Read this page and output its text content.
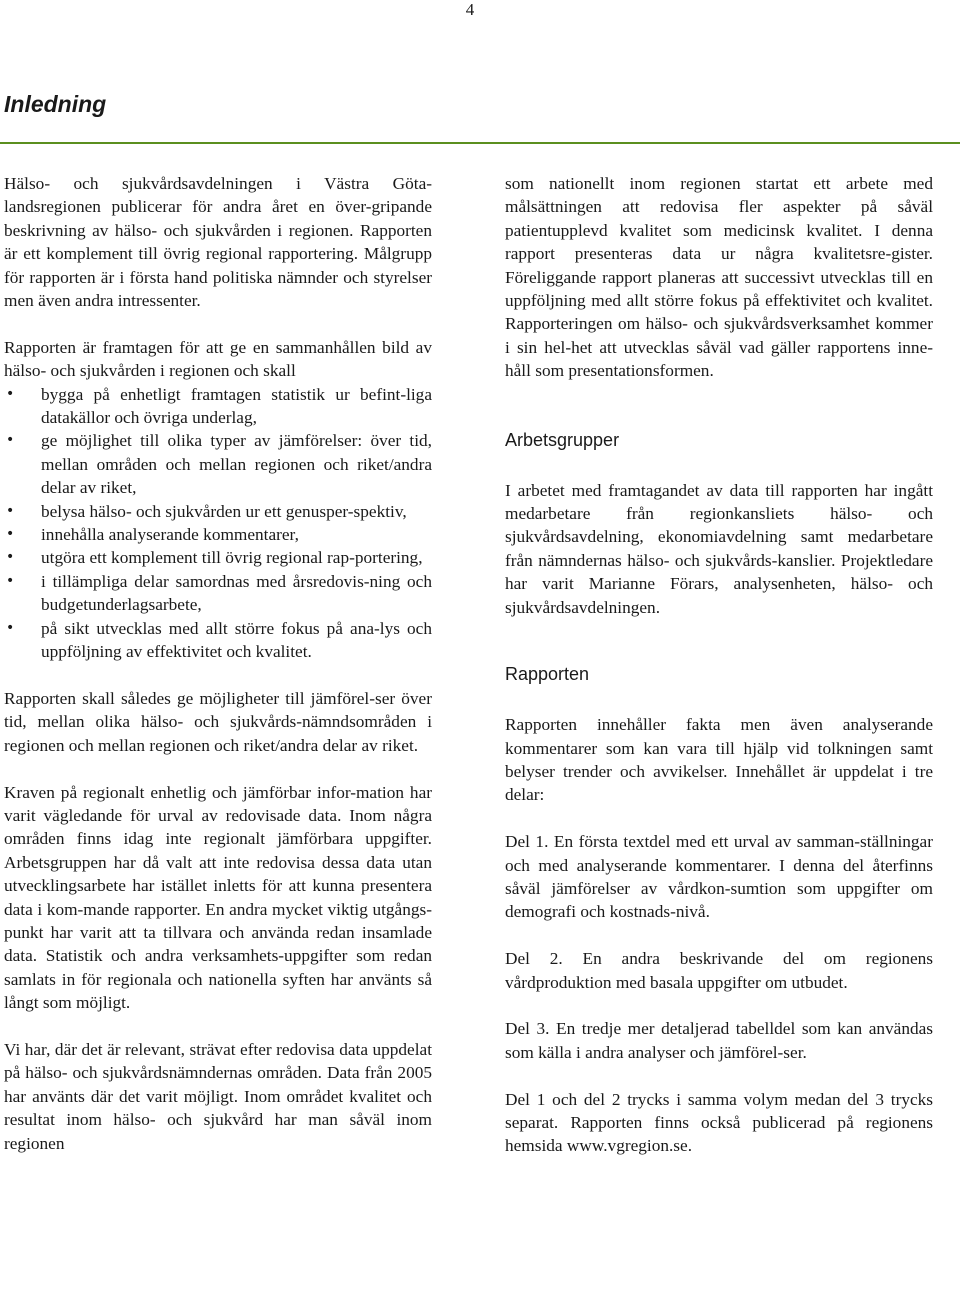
4
Inledning

Hälso- och sjukvårdsavdelningen i Västra Göta-landsregionen publicerar för andra året en över-gripande beskrivning av hälso- och sjukvården i regionen. Rapporten är ett komplement till övrig regional rapportering. Målgrupp för rapporten är i första hand politiska nämnder och styrelser men även andra intressenter.

Rapporten är framtagen för att ge en sammanhållen bild av hälso- och sjukvården i regionen och skall

• bygga på enhetligt framtagen statistik ur befint-liga datakällor och övriga underlag,
• ge möjlighet till olika typer av jämförelser: över tid, mellan områden och mellan regionen och riket/andra delar av riket,
• belysa hälso- och sjukvården ur ett genusper-spektiv,
• innehålla analyserande kommentarer,
• utgöra ett komplement till övrig regional rap-portering,
• i tillämpliga delar samordnas med årsredovis-ning och budgetunderlagsarbete,
• på sikt utvecklas med allt större fokus på ana-lys och uppföljning av effektivitet och kvalitet.

Rapporten skall således ge möjligheter till jämförel-ser över tid, mellan olika hälso- och sjukvårds-nämndsområden i regionen och mellan regionen och riket/andra delar av riket.

Kraven på regionalt enhetlig och jämförbar infor-mation har varit vägledande för urval av redovisade data. Inom några områden finns idag inte regionalt jämförbara uppgifter. Arbetsgruppen har då valt att inte redovisa dessa data utan utvecklingsarbete har istället inletts för att kunna presentera data i kom-mande rapporter. En andra mycket viktig utgångs-punkt har varit att ta tillvara och använda redan insamlade data. Statistik och andra verksamhets-uppgifter som redan samlats in för regionala och nationella syften har använts så långt som möjligt.

Vi har, där det är relevant, strävat efter redovisa data uppdelat på hälso- och sjukvårdsnämndernas områden. Data från 2005 har använts där det varit möjligt. Inom området kvalitet och resultat inom hälso- och sjukvård har man såväl inom regionen

som nationellt inom regionen startat ett arbete med målsättningen att redovisa fler aspekter på såväl patientupplevd kvalitet som medicinsk kvalitet. I denna rapport presenteras data ur några kvalitetsre-gister. Föreliggande rapport planeras att successivt utvecklas till en uppföljning med allt större fokus på effektivitet och kvalitet. Rapporteringen om hälso- och sjukvårdsverksamhet kommer i sin hel-het att utvecklas såväl vad gäller rapportens inne-håll som presentationsformen.

Arbetsgrupper

I arbetet med framtagandet av data till rapporten har ingått medarbetare från regionkansliets hälso- och sjukvårdsavdelning, ekonomiavdelning samt medarbetare från nämndernas hälso- och sjukvårds-kanslier. Projektledare har varit Marianne Förars, analysenheten, hälso- och sjukvårdsavdelningen.

Rapporten

Rapporten innehåller fakta men även analyserande kommentarer som kan vara till hjälp vid tolkningen samt belyser trender och avvikelser. Innehållet är uppdelat i tre delar:

Del 1. En första textdel med ett urval av samman-ställningar och med analyserande kommentarer. I denna del återfinns såväl jämförelser av vårdkon-sumtion som uppgifter om demografi och kostnads-nivå.

Del 2. En andra beskrivande del om regionens vårdproduktion med basala uppgifter om utbudet.

Del 3. En tredje mer detaljerad tabelldel som kan användas som källa i andra analyser och jämförel-ser.

Del 1 och del 2 trycks i samma volym medan del 3 trycks separat. Rapporten finns också publicerad på regionens hemsida www.vgregion.se.
